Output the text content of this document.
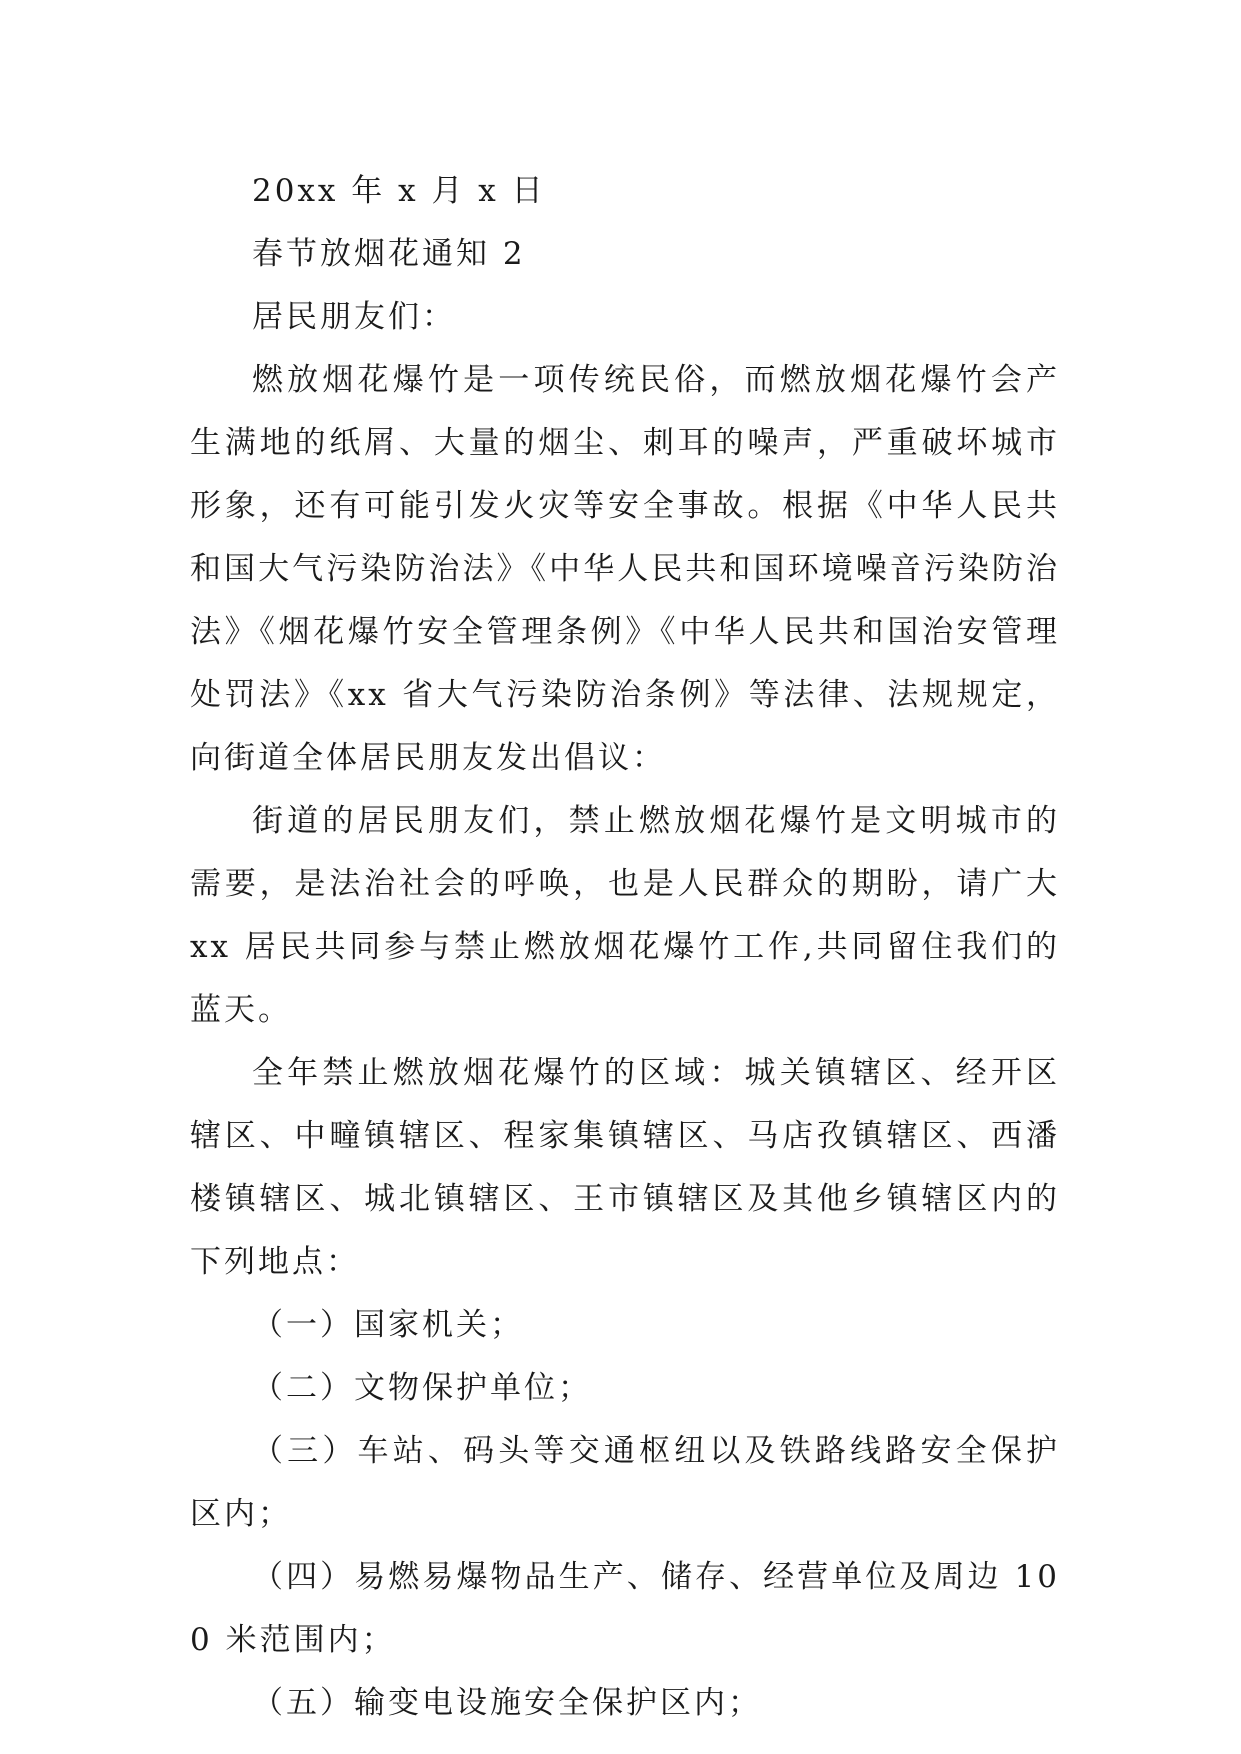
20xx 年 x 月 x 日

春节放烟花通知 2

居民朋友们：

燃放烟花爆竹是一项传统民俗，而燃放烟花爆竹会产生满地的纸屑、大量的烟尘、刺耳的噪声，严重破坏城市形象，还有可能引发火灾等安全事故。根据《中华人民共和国大气污染防治法》《中华人民共和国环境噪音污染防治法》《烟花爆竹安全管理条例》《中华人民共和国治安管理处罚法》《xx 省大气污染防治条例》等法律、法规规定，向街道全体居民朋友发出倡议：

街道的居民朋友们，禁止燃放烟花爆竹是文明城市的需要，是法治社会的呼唤，也是人民群众的期盼，请广大 xx 居民共同参与禁止燃放烟花爆竹工作,共同留住我们的蓝天。

全年禁止燃放烟花爆竹的区域：城关镇辖区、经开区辖区、中疃镇辖区、程家集镇辖区、马店孜镇辖区、西潘楼镇辖区、城北镇辖区、王市镇辖区及其他乡镇辖区内的下列地点：

（一）国家机关；

（二）文物保护单位；

（三）车站、码头等交通枢纽以及铁路线路安全保护区内；

（四）易燃易爆物品生产、储存、经营单位及周边 100 米范围内；

（五）输变电设施安全保护区内；
